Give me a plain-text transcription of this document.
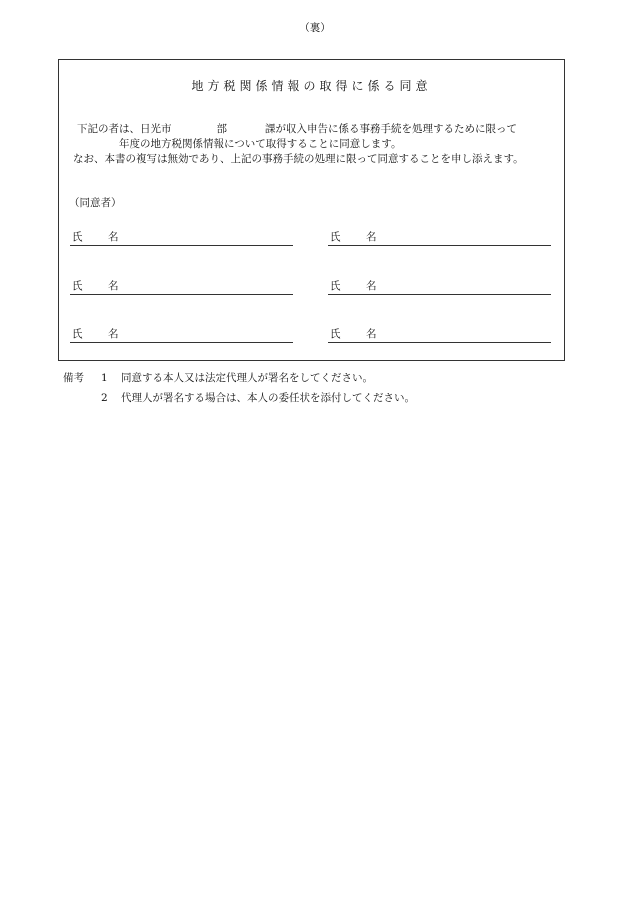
（裏）
地方税関係情報の取得に係る同意
下記の者は、日光市	部	課が収入申告に係る事務手続を処理するために限って
年度の地方税関係情報について取得することに同意します。
なお、本書の複写は無効であり、上記の事務手続の処理に限って同意することを申し添えます。
（同意者）
氏 名	氏 名
氏 名	氏 名
氏 名	氏 名
備考 1 同意する本人又は法定代理人が署名をしてください。
2 代理人が署名する場合は、本人の委任状を添付してください。
